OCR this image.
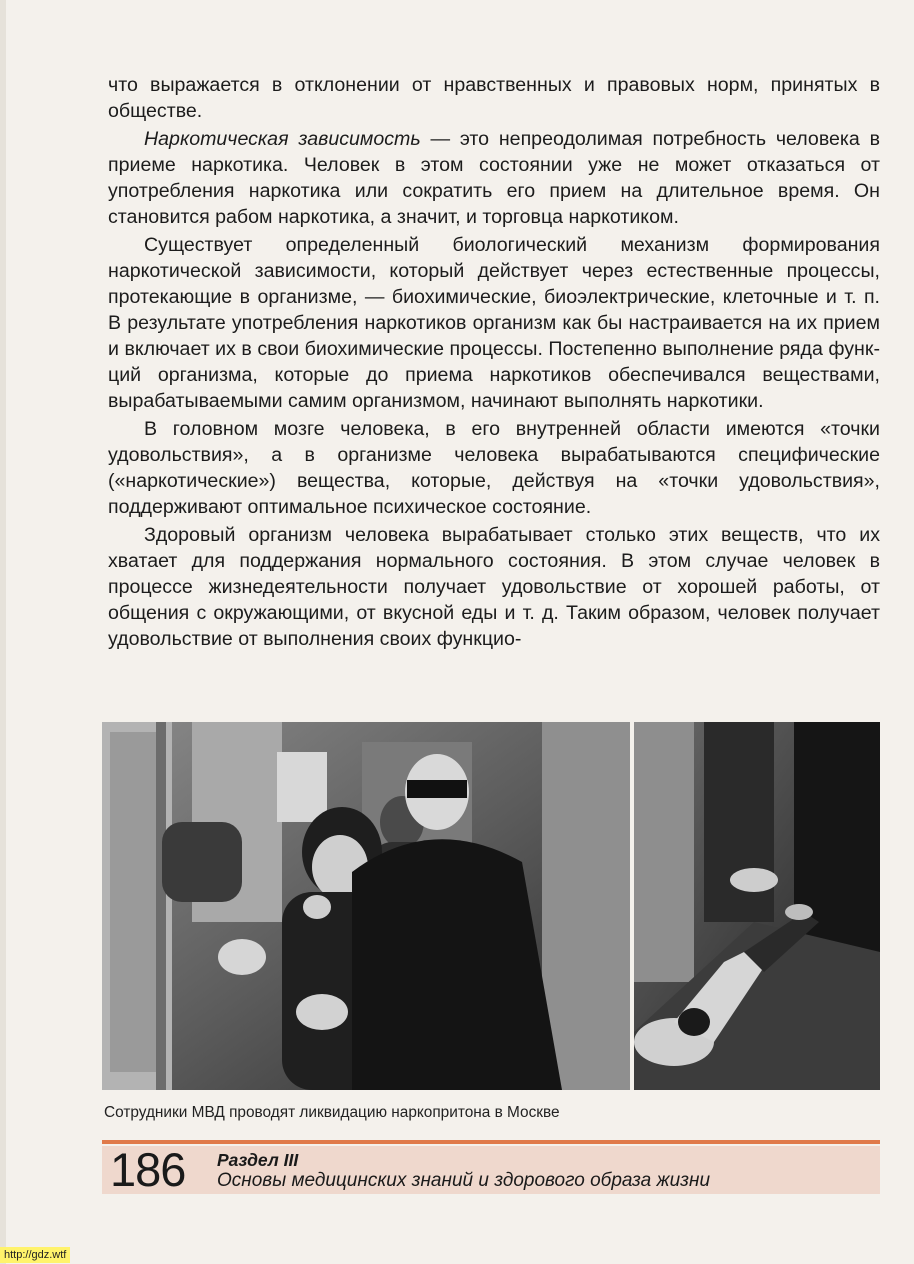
что выражается в отклонении от нравственных и правовых норм, принятых в обществе.

Наркотическая зависимость — это непреодолимая потребность человека в приеме наркотика. Человек в этом состоянии уже не может отказаться от употребления наркотика или сократить его прием на длительное время. Он становится рабом наркотика, а значит, и торговца наркотиком.

Существует определенный биологический механизм формирования наркотической зависимости, который действует через естественные процессы, протекающие в организме, — биохимические, биоэлектрические, клеточные и т. п. В результате употребления наркотиков организм как бы настраивается на их прием и включает их в свои биохимические процессы. Постепенно выполнение ряда функций организма, которые до приема наркотиков обеспечивался веществами, вырабатываемыми самим организмом, начинают выполнять наркотики.

В головном мозге человека, в его внутренней области имеются «точки удовольствия», а в организме человека вырабатываются специфические («наркотические») вещества, которые, действуя на «точки удовольствия», поддерживают оптимальное психическое состояние.

Здоровый организм человека вырабатывает столько этих веществ, что их хватает для поддержания нормального состояния. В этом случае человек в процессе жизнедеятельности получает удовольствие от хорошей работы, от общения с окружающими, от вкусной еды и т. д. Таким образом, человек получает удовольствие от выполнения своих функцио-

Сотрудники МВД проводят ликвидацию наркопритона в Москве
186 Раздел III
Основы медицинских знаний и здорового образа жизни
http://gdz.wtf
